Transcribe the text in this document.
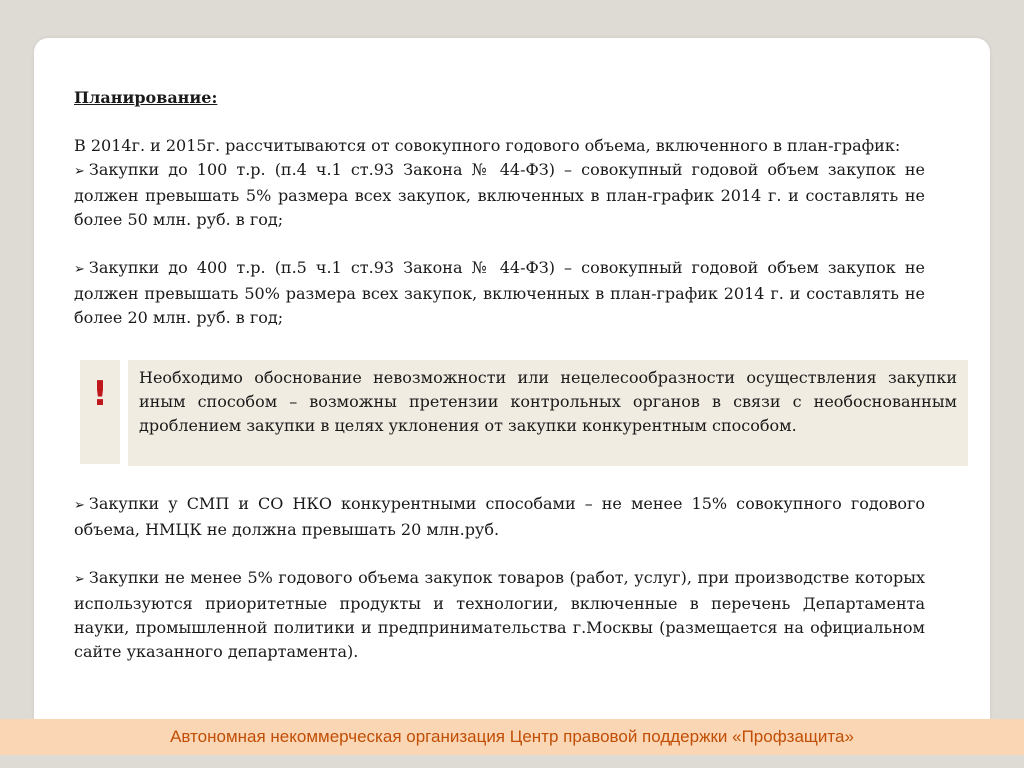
Планирование:

В 2014г. и 2015г. рассчитываются от совокупного годового объема, включенного в план-график:

➢ Закупки до 100 т.р. (п.4 ч.1 ст.93 Закона № 44-ФЗ) – совокупный годовой объем закупок не должен превышать 5% размера всех закупок, включенных в план-график 2014 г. и составлять не более 50 млн. руб. в год;

➢ Закупки до 400 т.р. (п.5 ч.1 ст.93 Закона № 44-ФЗ) – совокупный годовой объем закупок не должен превышать 50% размера всех закупок, включенных в план-график 2014 г. и составлять не более 20 млн. руб. в год;

!	Необходимо обоснование невозможности или нецелесообразности осуществления закупки иным способом – возможны претензии контрольных органов в связи с необоснованным дроблением закупки в целях уклонения от закупки конкурентным способом.

➢ Закупки у СМП и СО НКО конкурентными способами – не менее 15% совокупного годового объема, НМЦК не должна превышать 20 млн.руб.

➢ Закупки не менее 5% годового объема закупок товаров (работ, услуг), при производстве которых используются приоритетные продукты и технологии, включенные в перечень Департамента науки, промышленной политики и предпринимательства г.Москвы (размещается на официальном сайте указанного департамента).

Автономная некоммерческая организация Центр правовой поддержки «Профзащита»
